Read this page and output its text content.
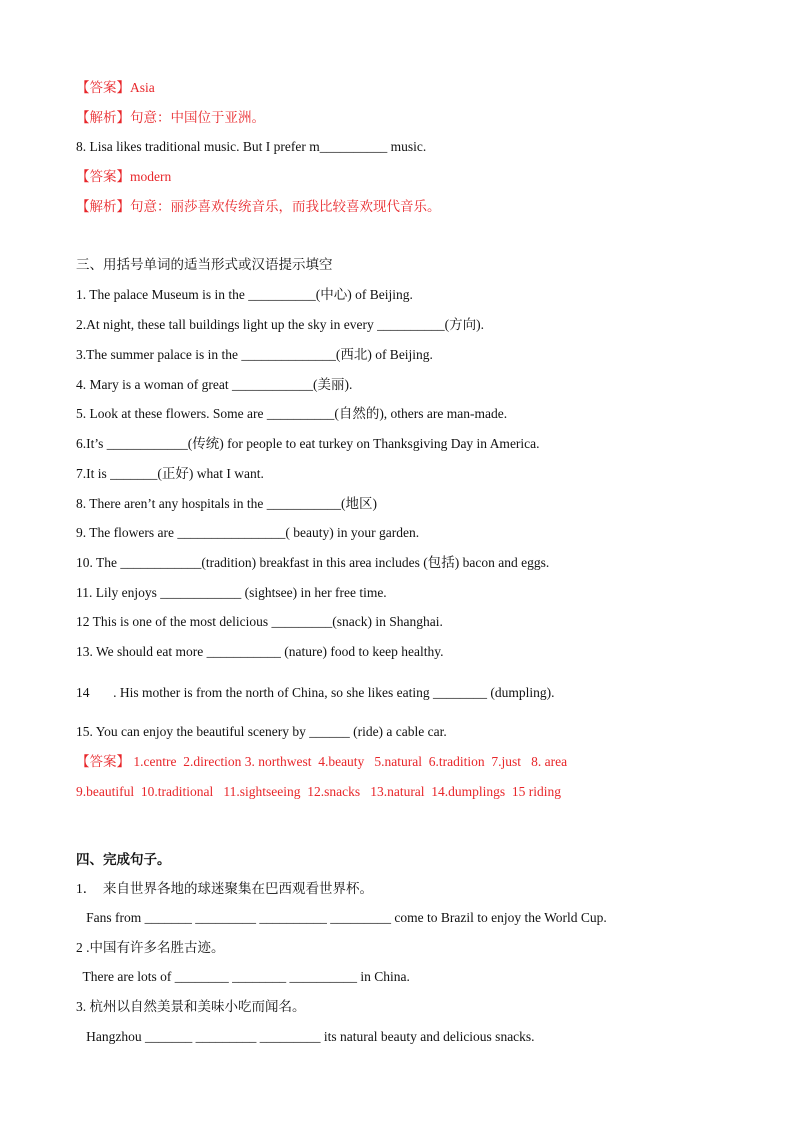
【答案】Asia
【解析】句意：中国位于亚洲。
8. Lisa likes traditional music. But I prefer m__________ music.
【答案】modern
【解析】句意：丽莎喜欢传统音乐，而我比较喜欢现代音乐。
三、用括号单词的适当形式或汉语提示填空
1. The palace Museum is in the __________(中心) of Beijing.
2.At night, these tall buildings light up the sky in every __________(方向).
3.The summer palace is in the ______________(西北) of Beijing.
4. Mary is a woman of great ____________(美丽).
5. Look at these flowers. Some are __________(自然的), others are man-made.
6.It’s ____________(传统) for people to eat turkey on Thanksgiving Day in America.
7.It is _______(正好) what I want.
8. There aren’t any hospitals in the ___________(地区)
9. The flowers are ________________( beauty) in your garden.
10. The ____________(tradition) breakfast in this area includes (包括) bacon and eggs.
11. Lily enjoys ____________ (sightsee) in her free time.
12 This is one of the most delicious _________(snack) in Shanghai.
13. We should eat more ___________ (nature) food to keep healthy.
14       . His mother is from the north of China, so she likes eating ________ (dumpling).
15. You can enjoy the beautiful scenery by ______ (ride) a cable car.
【答案】 1.centre  2.direction 3. northwest  4.beauty   5.natural  6.tradition  7.just   8. area
9.beautiful  10.traditional   11.sightseeing  12.snacks   13.natural  14.dumplings  15 riding
四、完成句子。
1．  来自世界各地的球迷聚集在巴西观看世界杯。
Fans from _______ _________ __________ _________ come to Brazil to enjoy the World Cup.
2 .中国有许多名胜古迹。
There are lots of ________ ________ __________ in China.
3. 杭州以自然美景和美味小吃而闻名。
Hangzhou _______ _________ _________ its natural beauty and delicious snacks.
